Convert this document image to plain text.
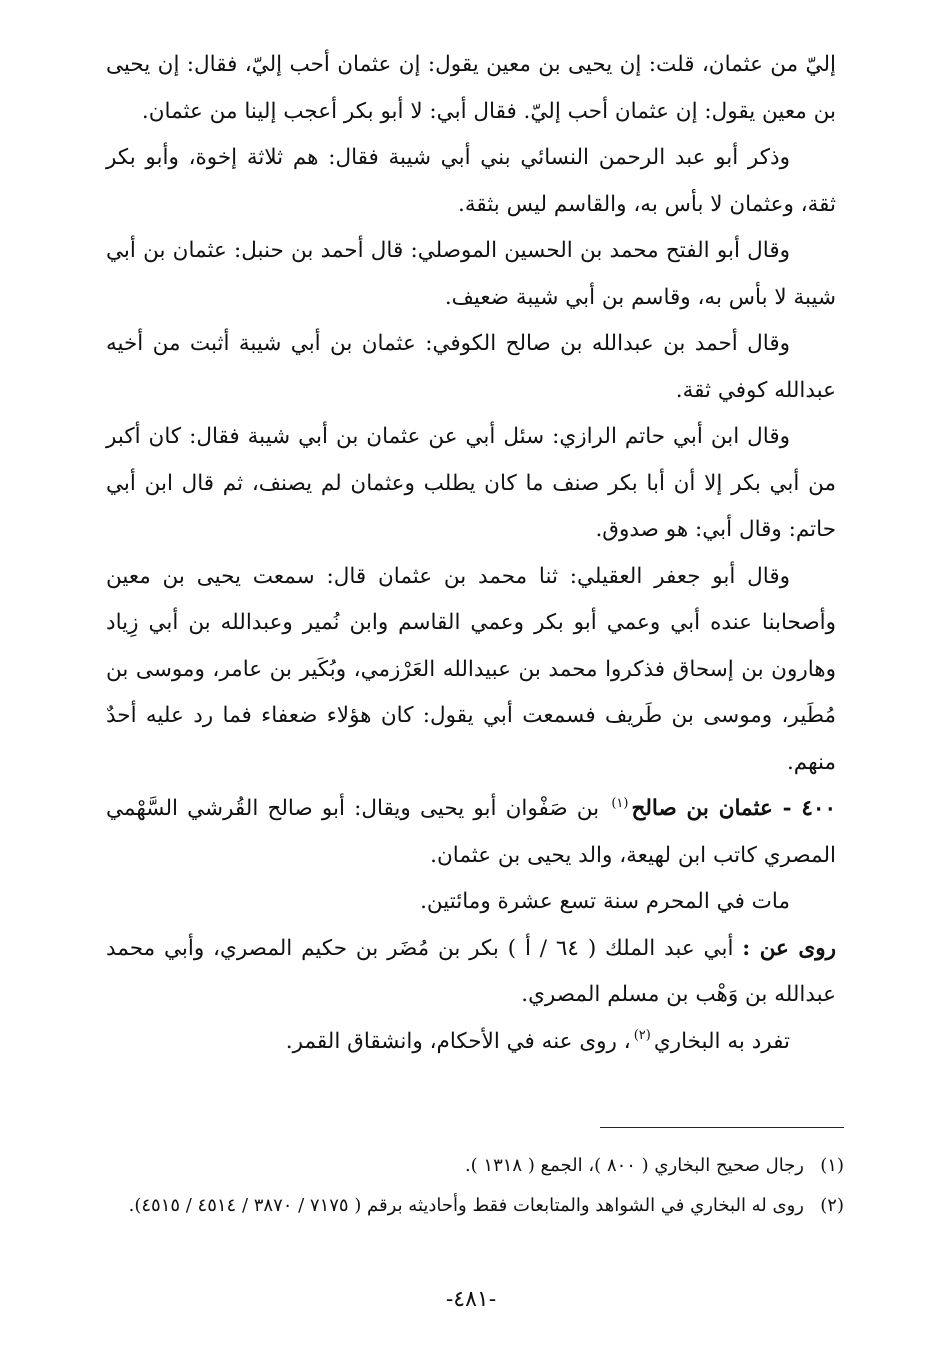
إليّ من عثمان، قلت: إن يحيى بن معين يقول: إن عثمان أحب إليّ، فقال: إن يحيى بن معين يقول: إن عثمان أحب إليّ. فقال أبي: لا أبو بكر أعجب إلينا من عثمان.

وذكر أبو عبد الرحمن النسائي بني أبي شيبة فقال: هم ثلاثة إخوة، وأبو بكر ثقة، وعثمان لا بأس به، والقاسم ليس بثقة.

وقال أبو الفتح محمد بن الحسين الموصلي: قال أحمد بن حنبل: عثمان بن أبي شيبة لا بأس به، وقاسم بن أبي شيبة ضعيف.

وقال أحمد بن عبدالله بن صالح الكوفي: عثمان بن أبي شيبة أثبت من أخيه عبدالله كوفي ثقة.

وقال ابن أبي حاتم الرازي: سئل أبي عن عثمان بن أبي شيبة فقال: كان أكبر من أبي بكر إلا أن أبا بكر صنف ما كان يطلب وعثمان لم يصنف، ثم قال ابن أبي حاتم: وقال أبي: هو صدوق.

وقال أبو جعفر العقيلي: ثنا محمد بن عثمان قال: سمعت يحيى بن معين وأصحابنا عنده أبي وعمي أبو بكر وعمي القاسم وابن نُمير وعبدالله بن أبي زِياد وهارون بن إسحاق فذكروا محمد بن عبيدالله العَرْزمي، وبُكَير بن عامر، وموسى بن مُطَير، وموسى بن طَريف فسمعت أبي يقول: كان هؤلاء ضعفاء فما رد عليه أحدٌ منهم.

٤٠٠ - عثمان بن صالح$^{(١)}$ بن صَفْوان أبو يحيى ويقال: أبو صالح القُرشي السَّهْمي المصري كاتب ابن لهيعة، والد يحيى بن عثمان.

مات في المحرم سنة تسع عشرة ومائتين.

روى عن : أبي عبد الملك ( ٦٤ / أ ) بكر بن مُضَر بن حكيم المصري، وأبي محمد عبدالله بن وَهْب بن مسلم المصري.

تفرد به البخاري$^{(٢)}$، روى عنه في الأحكام، وانشقاق القمر.

(١)
رجال صحيح البخاري ( ٨٠٠ )، الجمع ( ١٣١٨ ).

(٢)
روى له البخاري في الشواهد والمتابعات فقط وأحاديثه برقم ( ٧١٧٥ / ٣٨٧٠ / ٤٥١٤ / ٤٥١٥).

-٤٨١-
